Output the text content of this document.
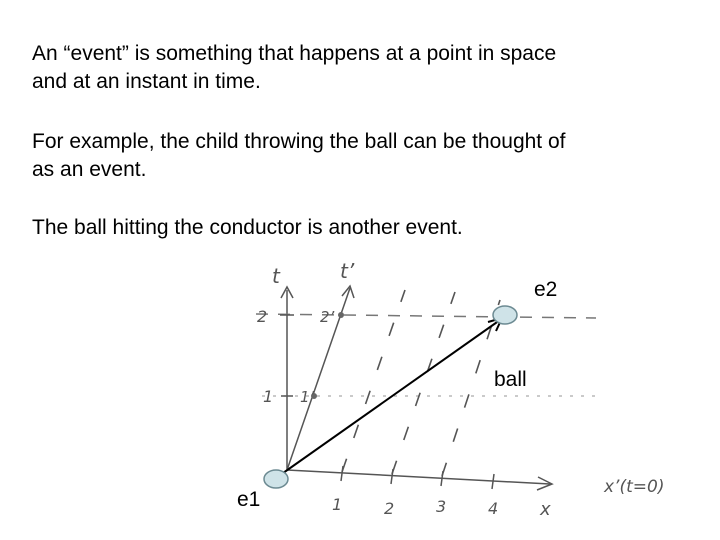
An “event” is something that happens at a point in space and at an instant in time.

For example, the child throwing the ball can be thought of as an event.

The ball hitting the conductor is another event.

t	t’
x
x’(t=0)
2
1
2’
1’
1	2	3	4
ball
e1
e2
